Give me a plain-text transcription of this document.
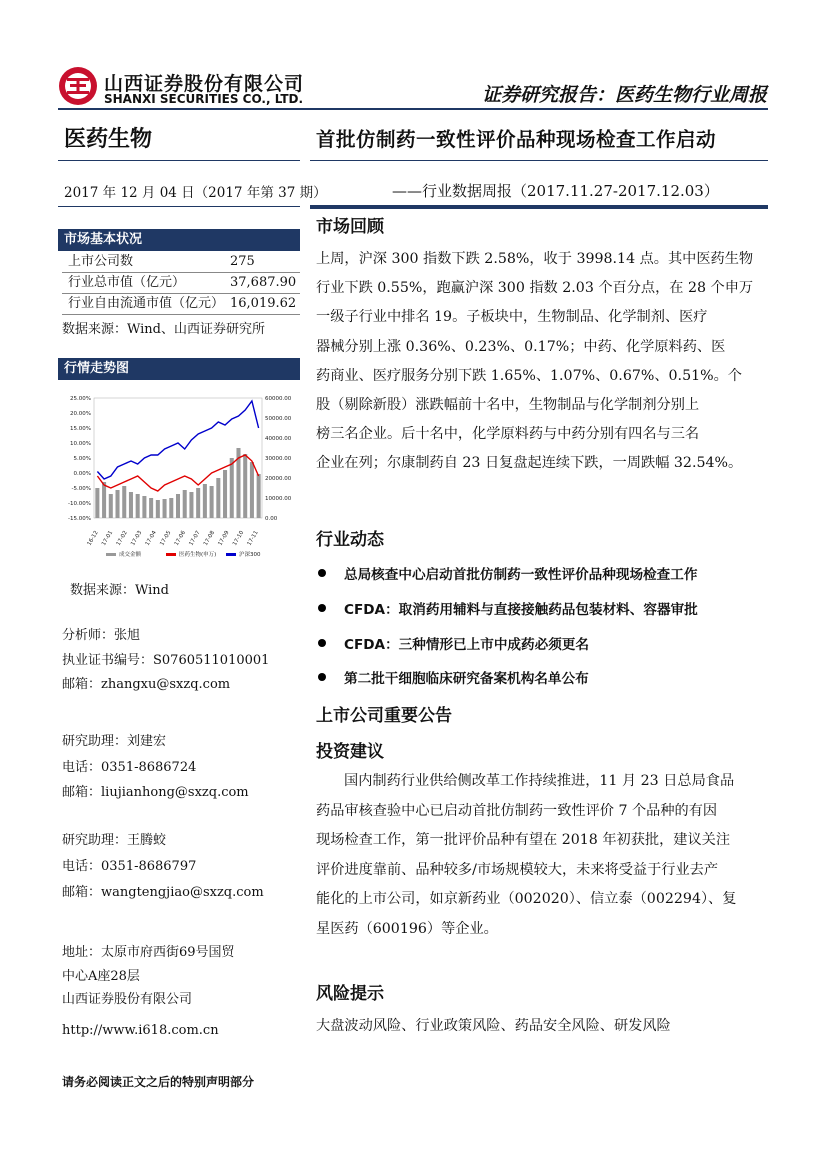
山西证券股份有限公司
SHANXI SECURITIES CO., LTD.	证券研究报告：医药生物行业周报
医药生物	首批仿制药一致性评价品种现场检查工作启动
2017 年 12 月 04 日（2017 年第 37 期）	——行业数据周报（2017.11.27-2017.12.03）
市场基本状况
上市公司数	275
行业总市值（亿元）	37,687.90
行业自由流通市值（亿元） 16,019.62
数据来源：Wind、山西证券研究所
行情走势图
25.00%
20.00%
15.00%
10.00%
5.00%
0.00%
-5.00%
-10.00%
-15.00%
60000.00
50000.00
40000.00
30000.00
20000.00
10000.00
0.00
16-12 17-01 17-02 17-03 17-04 17-05 17-06 17-07 17-08 17-09 17-10 17-11
成交金额	医药生物(申万)	沪深300
数据来源：Wind
分析师：张旭
执业证书编号：S0760511010001
邮箱：zhangxu@sxzq.com
研究助理：刘建宏
电话：0351-8686724
邮箱：liujianhong@sxzq.com
研究助理：王腾蛟
电话：0351-8686797
邮箱：wangtengjiao@sxzq.com
地址：太原市府西街69号国贸
中心A座28层
山西证券股份有限公司
http://www.i618.com.cn
请务必阅读正文之后的特别声明部分
市场回顾
上周，沪深 300 指数下跌 2.58%，收于 3998.14 点。其中医药生物
行业下跌 0.55%，跑赢沪深 300 指数 2.03 个百分点，在 28 个申万
一级子行业中排名 19。子板块中，生物制品、化学制剂、医疗
器械分别上涨 0.36%、0.23%、0.17%；中药、化学原料药、医
药商业、医疗服务分别下跌 1.65%、1.07%、0.67%、0.51%。个
股（剔除新股）涨跌幅前十名中，生物制品与化学制剂分别上
榜三名企业。后十名中，化学原料药与中药分别有四名与三名
企业在列；尔康制药自 23 日复盘起连续下跌，一周跌幅 32.54%。
行业动态
总局核查中心启动首批仿制药一致性评价品种现场检查工作
CFDA：取消药用辅料与直接接触药品包装材料、容器审批
CFDA：三种情形已上市中成药必须更名
第二批干细胞临床研究备案机构名单公布
上市公司重要公告
投资建议
国内制药行业供给侧改革工作持续推进，11 月 23 日总局食品
药品审核查验中心已启动首批仿制药一致性评价 7 个品种的有因
现场检查工作，第一批评价品种有望在 2018 年初获批，建议关注
评价进度靠前、品种较多/市场规模较大，未来将受益于行业去产
能化的上市公司，如京新药业（002020）、信立泰（002294）、复
星医药（600196）等企业。
风险提示
大盘波动风险、行业政策风险、药品安全风险、研发风险
